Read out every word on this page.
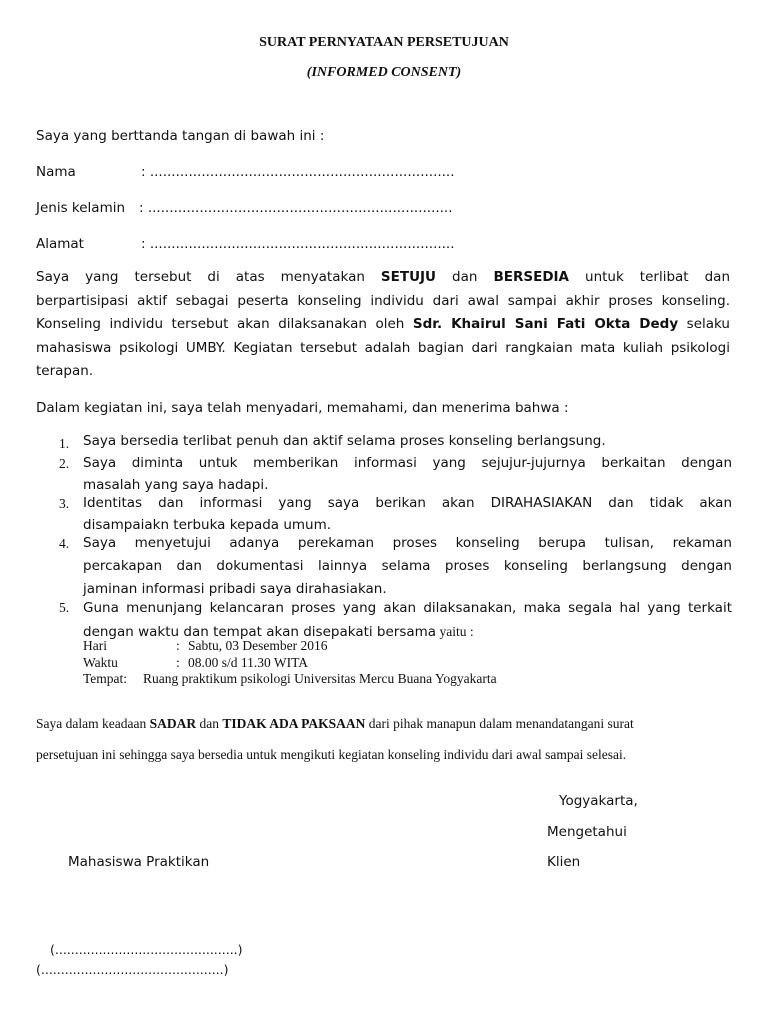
SURAT PERNYATAAN PERSETUJUAN
(INFORMED CONSENT)
Saya yang berttanda tangan di bawah ini :
Nama	: .......................................................................
Jenis kelamin : .......................................................................
Alamat	: .......................................................................
Saya yang tersebut di atas menyatakan SETUJU dan BERSEDIA untuk terlibat dan
berpartisipasi aktif sebagai peserta konseling individu dari awal sampai akhir proses konseling.
Konseling individu tersebut akan dilaksanakan oleh Sdr. Khairul Sani Fati Okta Dedy selaku
mahasiswa psikologi UMBY. Kegiatan tersebut adalah bagian dari rangkaian mata kuliah psikologi
terapan.
Dalam kegiatan ini, saya telah menyadari, memahami, dan menerima bahwa :
1. Saya bersedia terlibat penuh dan aktif selama proses konseling berlangsung.
2. Saya diminta untuk memberikan informasi yang sejujur-jujurnya berkaitan dengan
masalah yang saya hadapi.
3. Identitas dan informasi yang saya berikan akan DIRAHASIAKAN dan tidak akan
disampaiakn terbuka kepada umum.
4. Saya menyetujui adanya perekaman proses konseling berupa tulisan, rekaman
percakapan dan dokumentasi lainnya selama proses konseling berlangsung dengan
jaminan informasi pribadi saya dirahasiakan.
5. Guna menunjang kelancaran proses yang akan dilaksanakan, maka segala hal yang terkait
dengan waktu dan tempat akan disepakati bersama yaitu :
Hari	: Sabtu, 03 Desember 2016
Waktu	: 08.00 s/d 11.30 WITA
Tempat: Ruang praktikum psikologi Universitas Mercu Buana Yogyakarta
Saya dalam keadaan SADAR dan TIDAK ADA PAKSAAN dari pihak manapun dalam menandatangani surat
persetujuan ini sehingga saya bersedia untuk mengikuti kegiatan konseling individu dari awal sampai selesai.
Yogyakarta,
Mengetahui
Mahasiswa Praktikan	Klien
(..............................................)
(..............................................)
